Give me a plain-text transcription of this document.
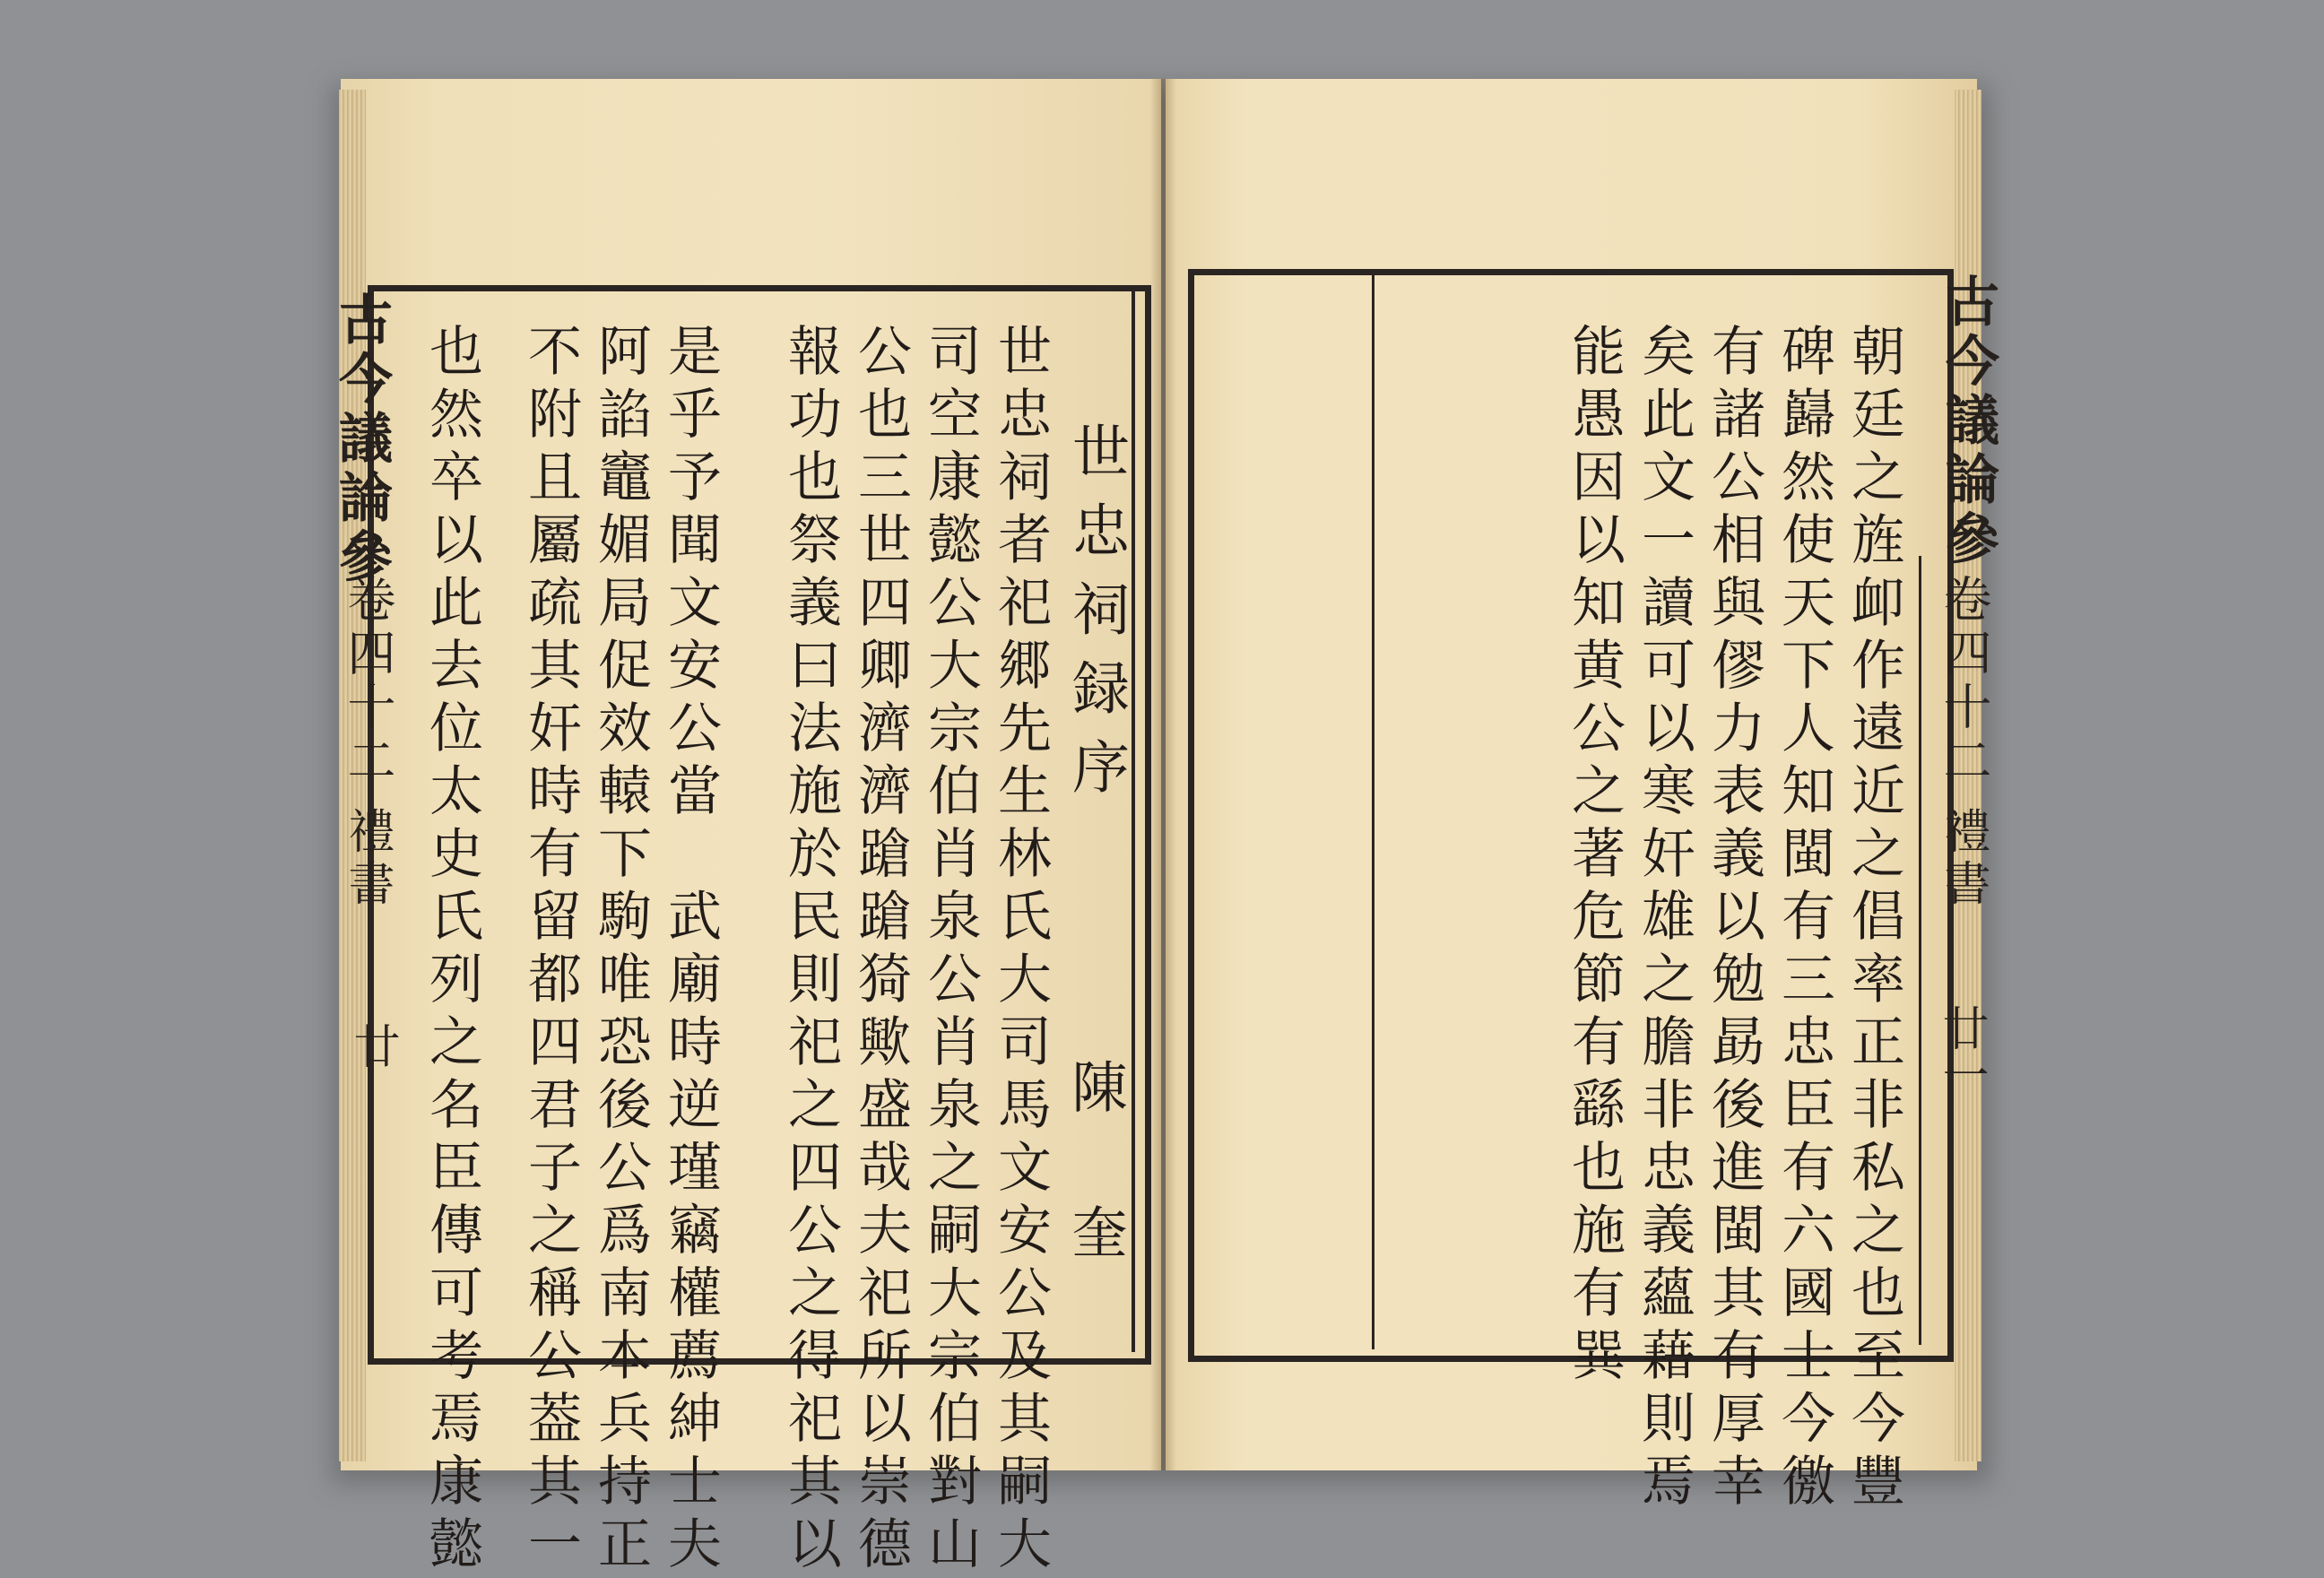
古今議論參
卷四十二
禮書
廿
世忠祠録序
陳 奎
世忠祠者祀郷先生林氏大司馬文安公及其嗣大
司空康懿公大宗伯肖泉公肖泉之嗣大宗伯對山
公也三世四卿濟濟蹌蹌猗歟盛哉夫祀所以崇德
報功也祭義曰法施於民則祀之四公之得祀其以
是乎予聞文安公當　武廟時逆瑾竊權薦紳士夫
阿諂竈媚局促效轅下駒唯恐後公爲南本兵持正
不附且屬疏其奸時有留都四君子之稱公葢其一
也然卒以此去位太史氏列之名臣傳可考焉康懿	古今議論參
卷四十二
禮書
廿一
朝廷之旌卹作遠近之倡率正非私之也至今豐
碑巋然使天下人知閩有三忠臣有六國士今徼
有諸公相與僇力表義以勉勗後進閩其有厚幸
矣此文一讀可以寒奸雄之膽非忠義蘊藉則焉
能愚因以知黄公之著危節有繇也施有巽
